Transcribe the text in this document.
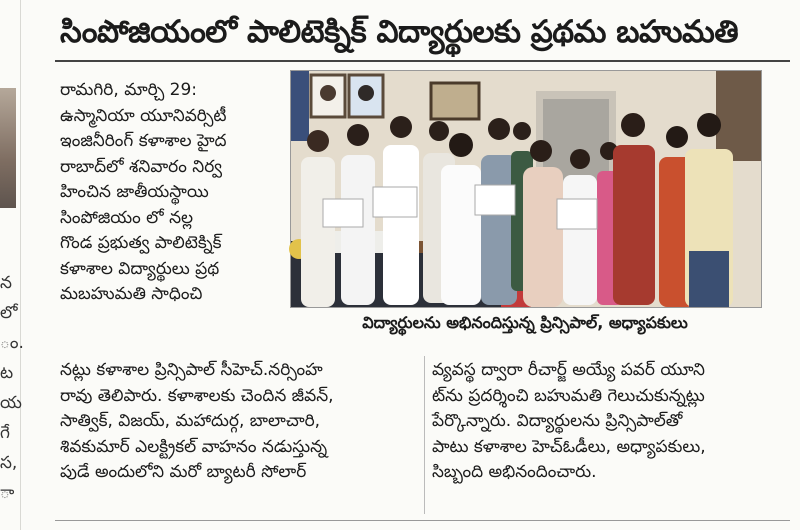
న
లో
ం.
ట
య
గే
స,
ా
సింపోజియంలో పాలిటెక్నిక్ విద్యార్థులకు ప్రథమ బహుమతి
రామగిరి, మార్చి 29:
ఉస్మానియా యూనివర్సిటీ
ఇంజినీరింగ్ కళాశాల హైద
రాబాద్‌లో శనివారం నిర్వ
హించిన జాతీయస్థాయి
సింపోజియం లో నల్ల
గొండ ప్రభుత్వ పాలిటెక్నిక్
కళాశాల విద్యార్థులు ప్రథ
మబహుమతి సాధించి
విద్యార్థులను అభినందిస్తున్న ప్రిన్సిపాల్, అధ్యాపకులు
నట్లు కళాశాల ప్రిన్సిపాల్ సీహెచ్.నర్సింహ
రావు తెలిపారు. కళాశాలకు చెందిన జీవన్,
సాత్విక్, విజయ్, మహాదుర్గ, బాలాచారి,
శివకుమార్ ఎలక్ట్రికల్ వాహనం నడుస్తున్న
పుడే అందులోని మరో బ్యాటరీ సోలార్
వ్యవస్థ ద్వారా రీచార్జ్ అయ్యే పవర్ యూని
ట్‌ను ప్రదర్శించి బహుమతి గెలుచుకున్నట్లు
పేర్కొన్నారు. విద్యార్థులను ప్రిన్సిపాల్‌తో
పాటు కళాశాల హెచ్ఓడీలు, అధ్యాపకులు,
సిబ్బంది అభినందించారు.
